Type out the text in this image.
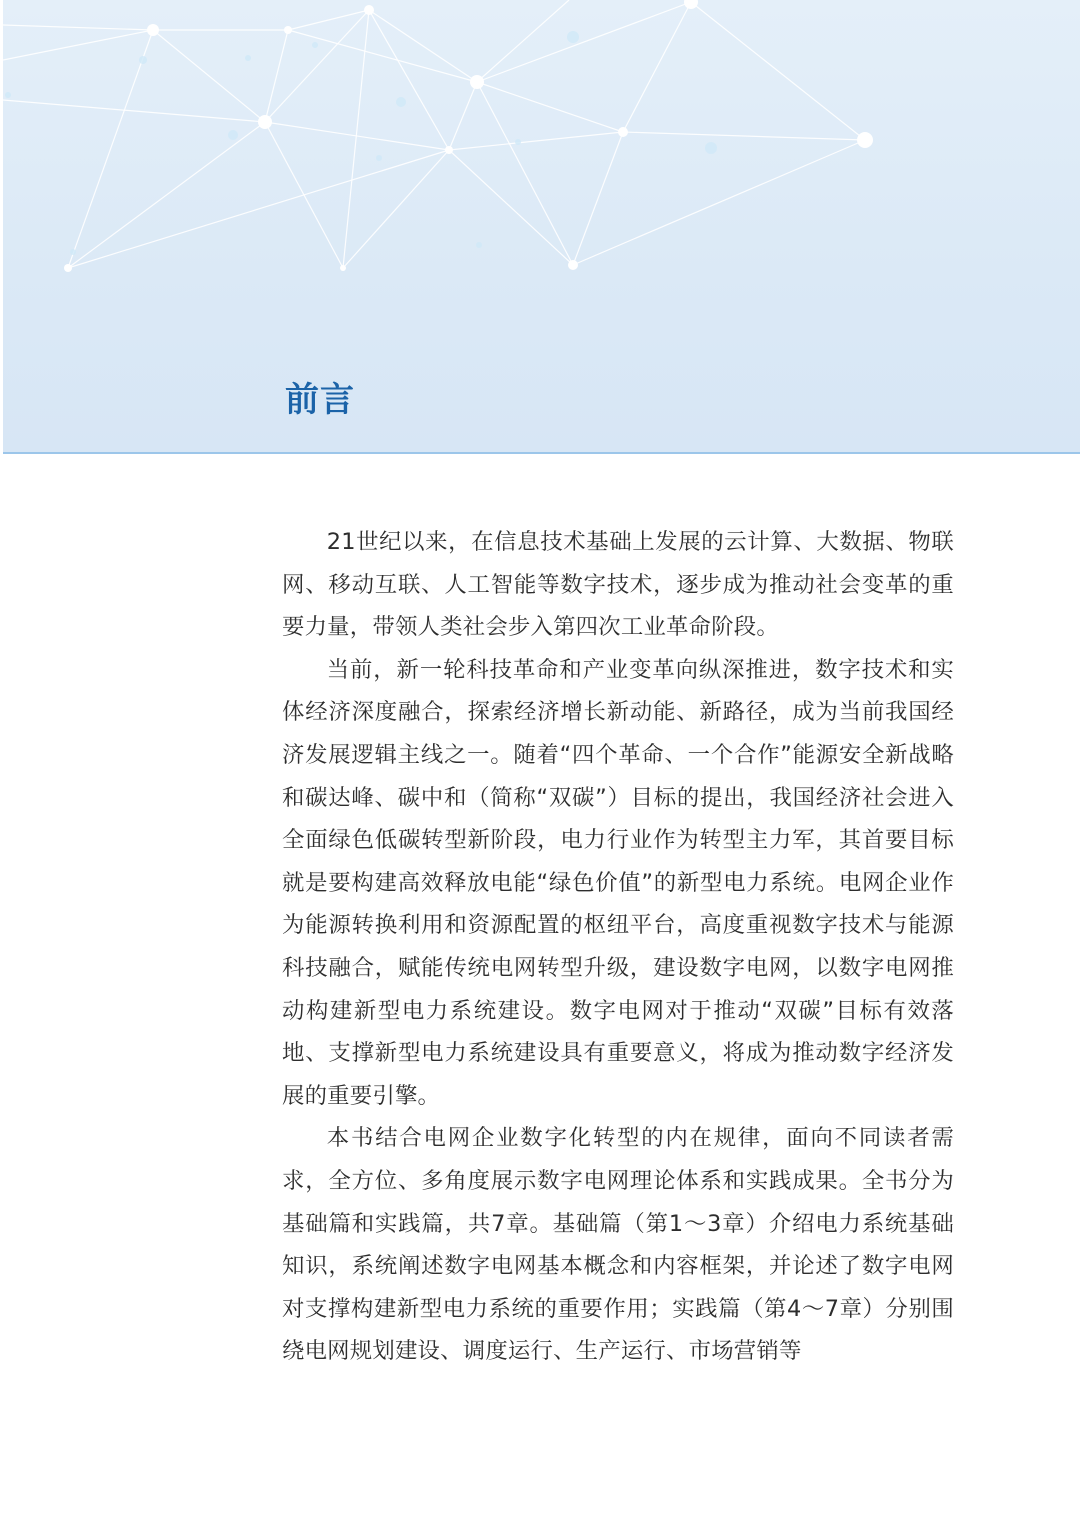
前言

21世纪以来，在信息技术基础上发展的云计算、大数据、物联网、移动互联、人工智能等数字技术，逐步成为推动社会变革的重要力量，带领人类社会步入第四次工业革命阶段。

当前，新一轮科技革命和产业变革向纵深推进，数字技术和实体经济深度融合，探索经济增长新动能、新路径，成为当前我国经济发展逻辑主线之一。随着“四个革命、一个合作”能源安全新战略和碳达峰、碳中和（简称“双碳”）目标的提出，我国经济社会进入全面绿色低碳转型新阶段，电力行业作为转型主力军，其首要目标就是要构建高效释放电能“绿色价值”的新型电力系统。电网企业作为能源转换利用和资源配置的枢纽平台，高度重视数字技术与能源科技融合，赋能传统电网转型升级，建设数字电网，以数字电网推动构建新型电力系统建设。数字电网对于推动“双碳”目标有效落地、支撑新型电力系统建设具有重要意义，将成为推动数字经济发展的重要引擎。

本书结合电网企业数字化转型的内在规律，面向不同读者需求，全方位、多角度展示数字电网理论体系和实践成果。全书分为基础篇和实践篇，共7章。基础篇（第1～3章）介绍电力系统基础知识，系统阐述数字电网基本概念和内容框架，并论述了数字电网对支撑构建新型电力系统的重要作用；实践篇（第4～7章）分别围绕电网规划建设、调度运行、生产运行、市场营销等
